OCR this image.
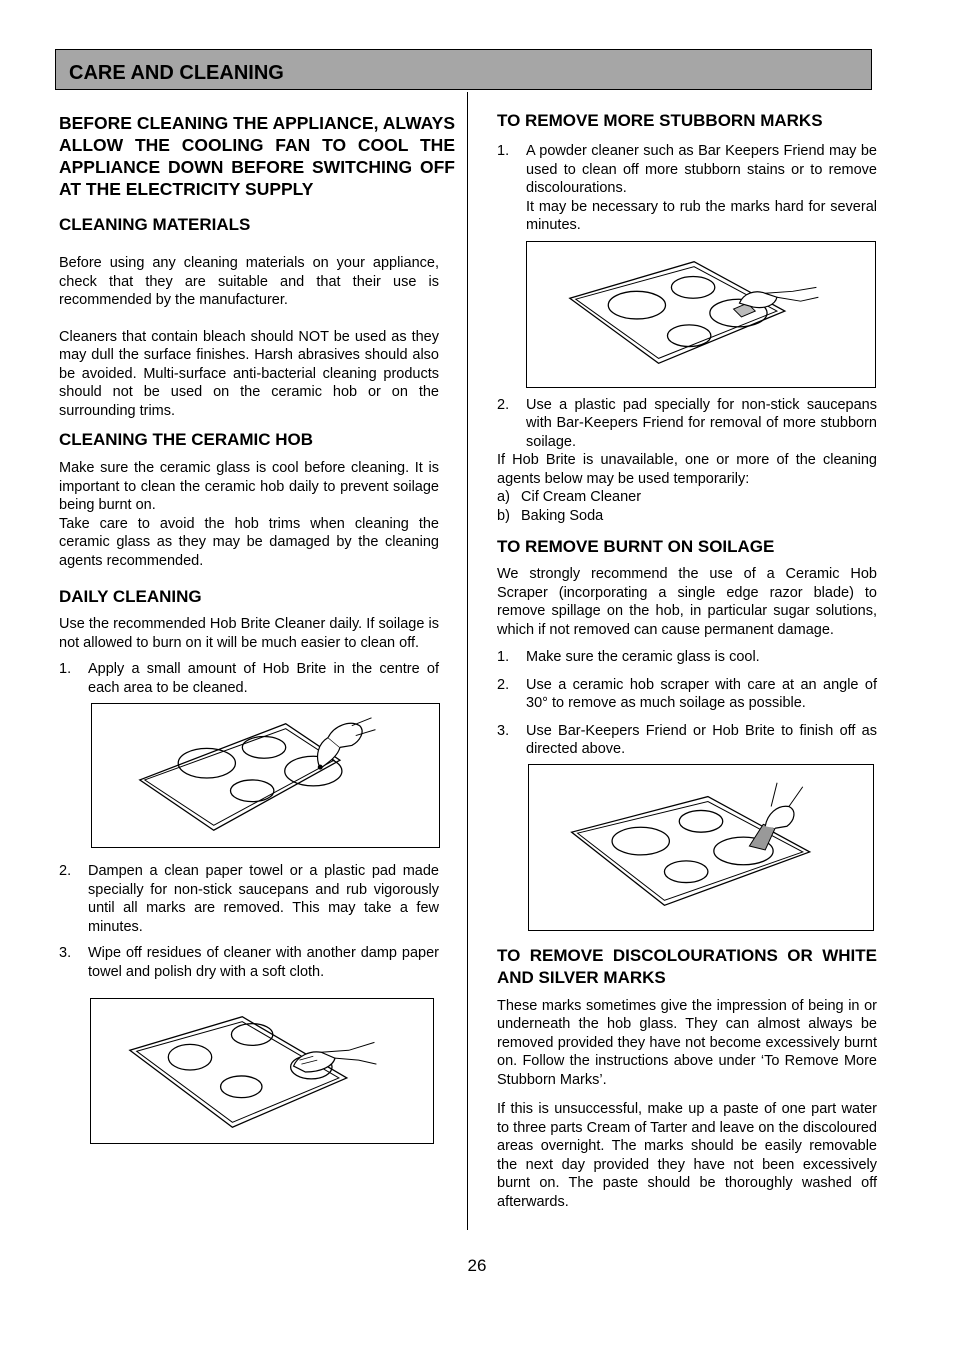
CARE AND CLEANING

BEFORE CLEANING THE APPLIANCE, ALWAYS ALLOW THE COOLING FAN TO COOL THE APPLIANCE DOWN BEFORE SWITCHING OFF AT THE ELECTRICITY SUPPLY

CLEANING MATERIALS

Before using any cleaning materials on your appliance, check that they are suitable and that their use is recommended by the manufacturer.

Cleaners that contain bleach should NOT be used as they may dull the surface finishes. Harsh abrasives should also be avoided. Multi-surface anti-bacterial cleaning products should not be used on the ceramic hob or on the surrounding trims.

CLEANING THE CERAMIC HOB

Make sure the ceramic glass is cool before cleaning. It is important to clean the ceramic hob daily to prevent soilage being burnt on.

Take care to avoid the hob trims when cleaning the ceramic glass as they may be damaged by the cleaning agents recommended.

DAILY CLEANING

Use the recommended Hob Brite Cleaner daily. If soilage is not allowed to burn on it will be much easier to clean off.

1. Apply a small amount of Hob Brite in the centre of each area to be cleaned.
2. Dampen a clean paper towel or a plastic pad made specially for non-stick saucepans and rub vigorously until all marks are removed. This may take a few minutes.
3. Wipe off residues of cleaner with another damp paper towel and polish dry with a soft cloth.
TO REMOVE MORE STUBBORN MARKS
1. A powder cleaner such as Bar Keepers Friend may be used to clean off more stubborn stains or to remove discolourations.
It may be necessary to rub the marks hard for several minutes.
2. Use a plastic pad specially for non-stick saucepans with Bar-Keepers Friend for removal of more stubborn soilage.

If Hob Brite is unavailable, one or more of the cleaning agents below may be used temporarily:

a) Cif Cream Cleaner
b) Baking Soda
TO REMOVE BURNT ON SOILAGE

We strongly recommend the use of a Ceramic Hob Scraper (incorporating a single edge razor blade) to remove spillage on the hob, in particular sugar solutions, which if not removed can cause permanent damage.

1. Make sure the ceramic glass is cool.
2. Use a ceramic hob scraper with care at an angle of 30° to remove as much soilage as possible.
3. Use Bar-Keepers Friend or Hob Brite to finish off as directed above.
TO REMOVE DISCOLOURATIONS OR WHITE AND SILVER MARKS

These marks sometimes give the impression of being in or underneath the hob glass. They can almost always be removed provided they have not become excessively burnt on. Follow the instructions above under ‘To Remove More Stubborn Marks’.

If this is unsuccessful, make up a paste of one part water to three parts Cream of Tarter and leave on the discoloured areas overnight. The marks should be easily removable the next day provided they have not been excessively burnt on. The paste should be thoroughly washed off afterwards.

26
